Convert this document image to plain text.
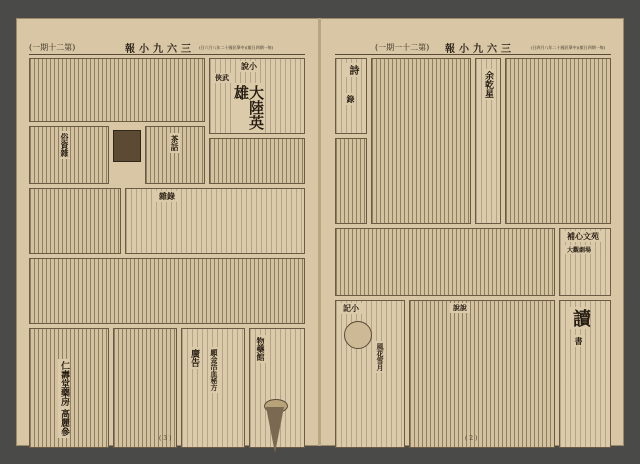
(一期十二第)	報小九六三 (日六月八年二十國民華中)(報日四期一毎)
說小
俠武
大陸英雄
俗資雜	茶話
雜錄
仁壽堂藥房 高麗參
廣告 願金活血秘方	物藥館
( 3 )
(一期一十二第) 報小九六三	(日四月八年二十國民華中)(報日四期一毎)
詩
錄
余乾星
補心文苑
大觀劇場
記小
風花雪月
說說
讀
書
( 2 )
